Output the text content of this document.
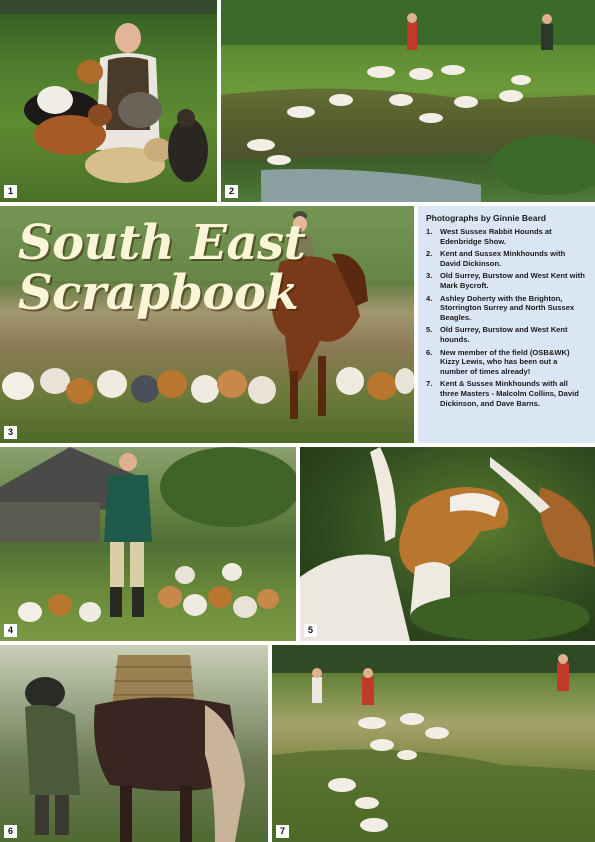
1	2
3
South East
Scrapbook

Photographs by Ginnie Beard

1. West Sussex Rabbit Hounds at Edenbridge Show.
2. Kent and Sussex Minkhounds with David Dickinson.
3. Old Surrey, Burstow and West Kent with Mark Bycroft.
4. Ashley Doherty with the Brighton, Storrington Surrey and North Sussex Beagles.
5. Old Surrey, Burstow and West Kent hounds.
6. New member of the field (OSB&WK) Kizzy Lewis, who has been out a number of times already!
7. Kent & Sussex Minkhounds with all three Masters - Malcolm Collins, David Dickinson, and Dave Barns.
4	5
6	7
